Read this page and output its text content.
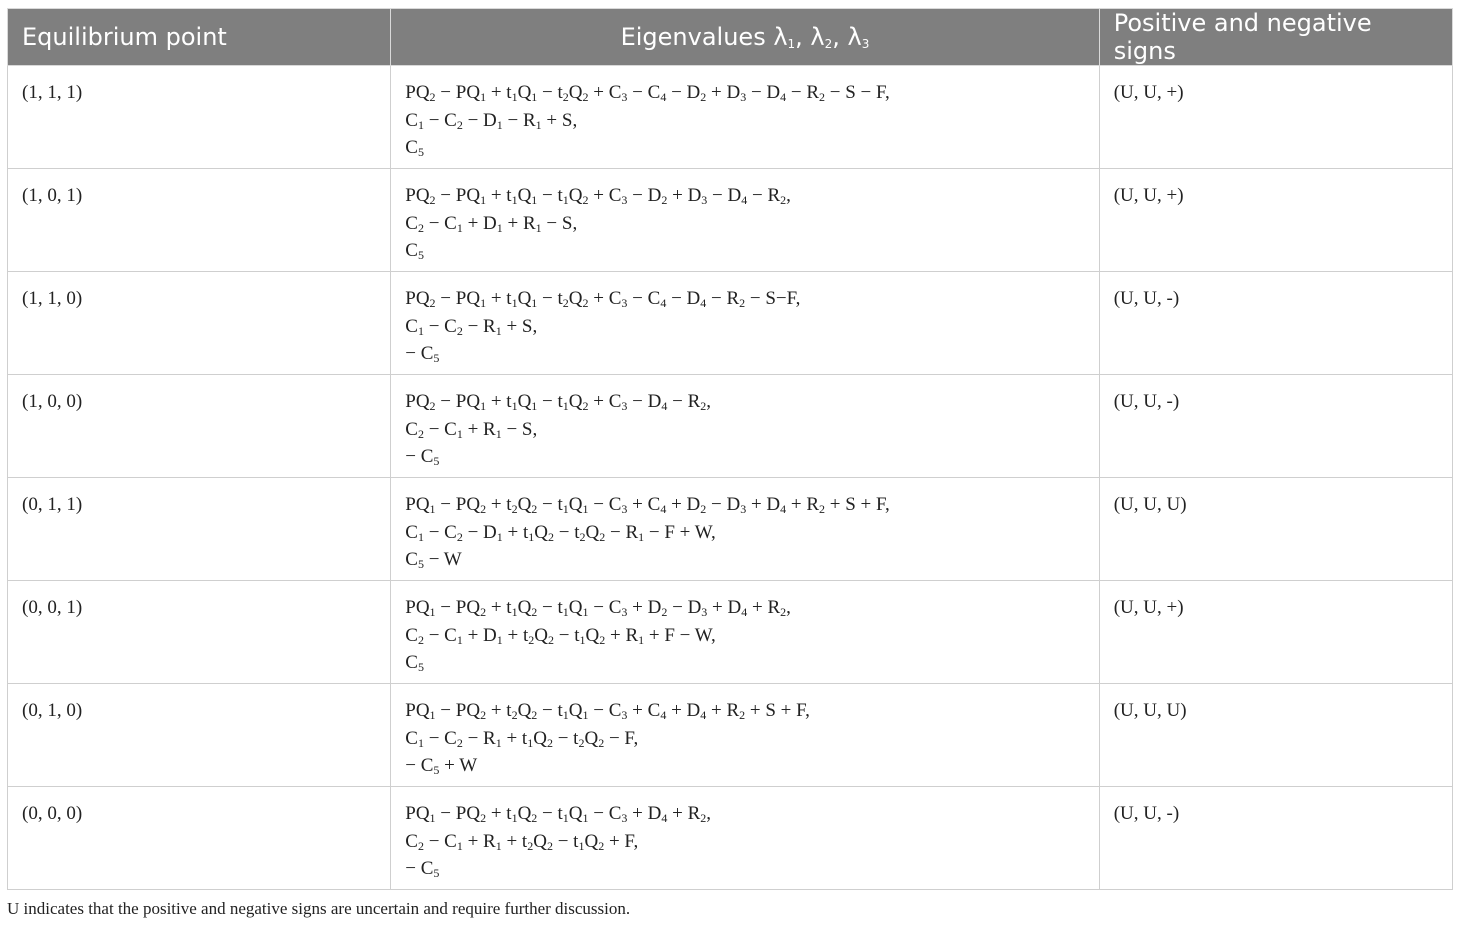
Equilibrium point	Eigenvalues $\lambda_1$, $\lambda_2$, $\lambda_3$	Positive and negative signs
(1, 1, 1)	$PQ_2 - PQ_1 + t_1Q_1 - t_2Q_2 + C_3 - C_4 - D_2 + D_3 - D_4 - R_2 - S - F$,
$C_1 - C_2 - D_1 - R_1 + S$,
$C_5$	(U, U, +)
(1, 0, 1)	$PQ_2 - PQ_1 + t_1Q_1 - t_1Q_2 + C_3 - D_2 + D_3 - D_4 - R_2$,
$C_2 - C_1 + D_1 + R_1 - S$,
$C_5$	(U, U, +)
(1, 1, 0)	$PQ_2 - PQ_1 + t_1Q_1 - t_2Q_2 + C_3 - C_4 - D_4 - R_2 - S-F$,
$C_1 - C_2 - R_1 + S$,
− $C_5$	(U, U, -)
(1, 0, 0)	$PQ_2 - PQ_1 + t_1Q_1 - t_1Q_2 + C_3 - D_4 - R_2$,
$C_2 - C_1 + R_1 - S$,
− $C_5$	(U, U, -)
(0, 1, 1)	$PQ_1 - PQ_2 + t_2Q_2 - t_1Q_1 - C_3 + C_4 + D_2 - D_3 + D_4 + R_2 + S + F$,
$C_1 - C_2 - D_1 + t_1Q_2 - t_2Q_2 - R_1 - F + W$,
$C_5 - W$	(U, U, U)
(0, 0, 1)	$PQ_1 - PQ_2 + t_1Q_2 - t_1Q_1 - C_3 + D_2 - D_3 + D_4 + R_2$,
$C_2 - C_1 + D_1 + t_2Q_2 - t_1Q_2 + R_1 + F - W$,
$C_5$	(U, U, +)
(0, 1, 0)	$PQ_1 - PQ_2 + t_2Q_2 - t_1Q_1 - C_3 + C_4 + D_4 + R_2 + S + F$,
$C_1 - C_2 - R_1 + t_1Q_2 - t_2Q_2 - F$,
− $C_5 + W$	(U, U, U)
(0, 0, 0)	$PQ_1 - PQ_2 + t_1Q_2 - t_1Q_1 - C_3 + D_4 + R_2$,
$C_2 - C_1 + R_1 + t_2Q_2 - t_1Q_2 + F$,
− $C_5$	(U, U, -)
U indicates that the positive and negative signs are uncertain and require further discussion.
